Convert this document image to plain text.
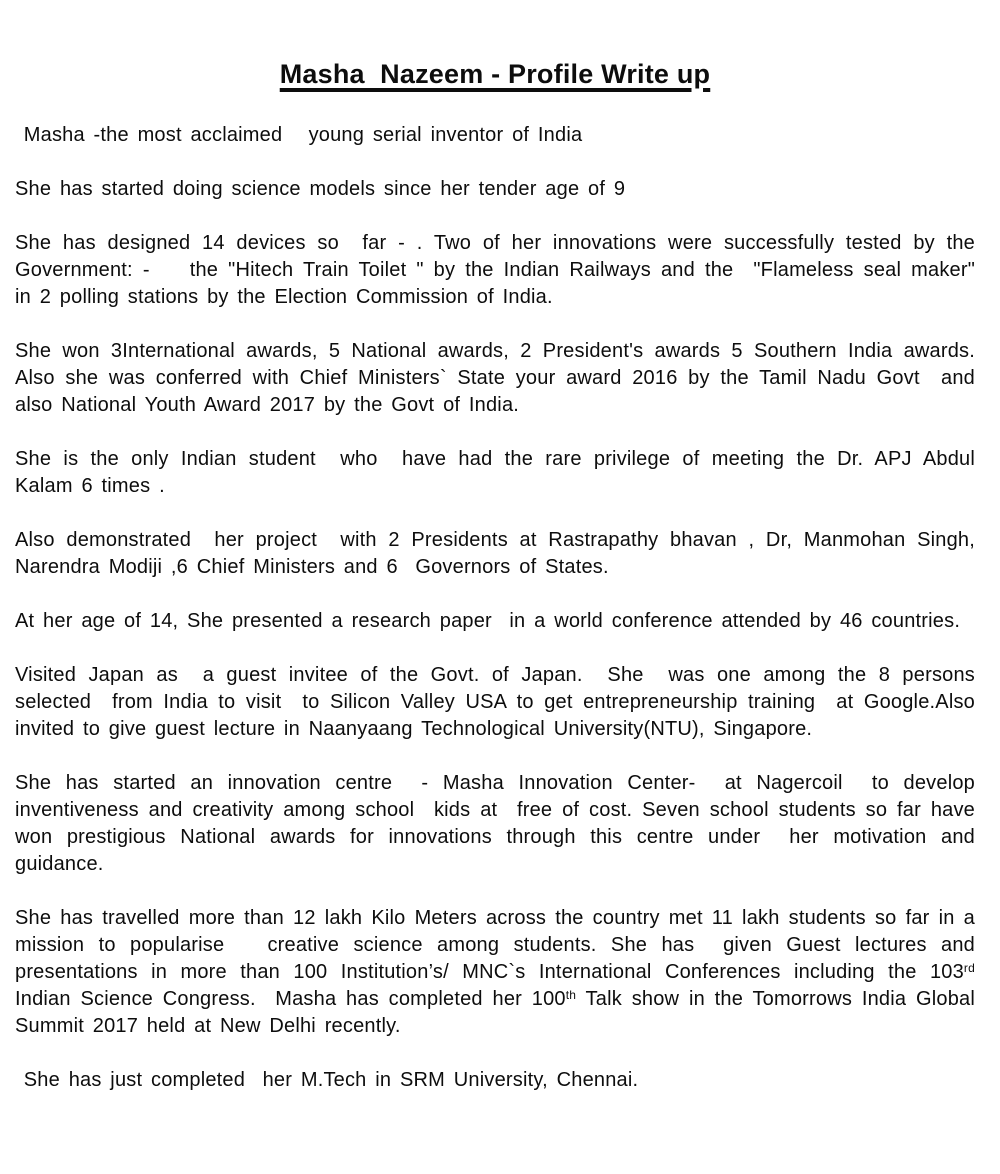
Masha  Nazeem - Profile Write up

Masha -the most acclaimed   young serial inventor of India

She has started doing science models since her tender age of 9

She has designed 14 devices so  far - . Two of her innovations were successfully tested by the Government: -    the "Hitech Train Toilet " by the Indian Railways and the  "Flameless seal maker" in 2 polling stations by the Election Commission of India.

She won 3International awards, 5 National awards, 2 President's awards 5 Southern India awards. Also she was conferred with Chief Ministers` State your award 2016 by the Tamil Nadu Govt  and also National Youth Award 2017 by the Govt of India.

She is the only Indian student  who  have had the rare privilege of meeting the Dr. APJ Abdul Kalam 6 times .

Also demonstrated  her project  with 2 Presidents at Rastrapathy bhavan , Dr, Manmohan Singh, Narendra Modiji ,6 Chief Ministers and 6  Governors of States.

At her age of 14, She presented a research paper  in a world conference attended by 46 countries.

Visited Japan as  a guest invitee of the Govt. of Japan.  She  was one among the 8 persons selected  from India to visit  to Silicon Valley USA to get entrepreneurship training  at Google.Also invited to give guest lecture in Naanyaang Technological University(NTU), Singapore.

She has started an innovation centre  - Masha Innovation Center-  at Nagercoil  to develop inventiveness and creativity among school  kids at  free of cost. Seven school students so far have won prestigious National awards for innovations through this centre under  her motivation and  guidance.

She has travelled more than 12 lakh Kilo Meters across the country met 11 lakh students so far in a mission to popularise   creative science among students. She has  given Guest lectures and presentations in more than 100 Institution’s/ MNC`s International Conferences including the 103rd Indian Science Congress.  Masha has completed her 100th Talk show in the Tomorrows India Global Summit 2017 held at New Delhi recently.

She has just completed  her M.Tech in SRM University, Chennai.
